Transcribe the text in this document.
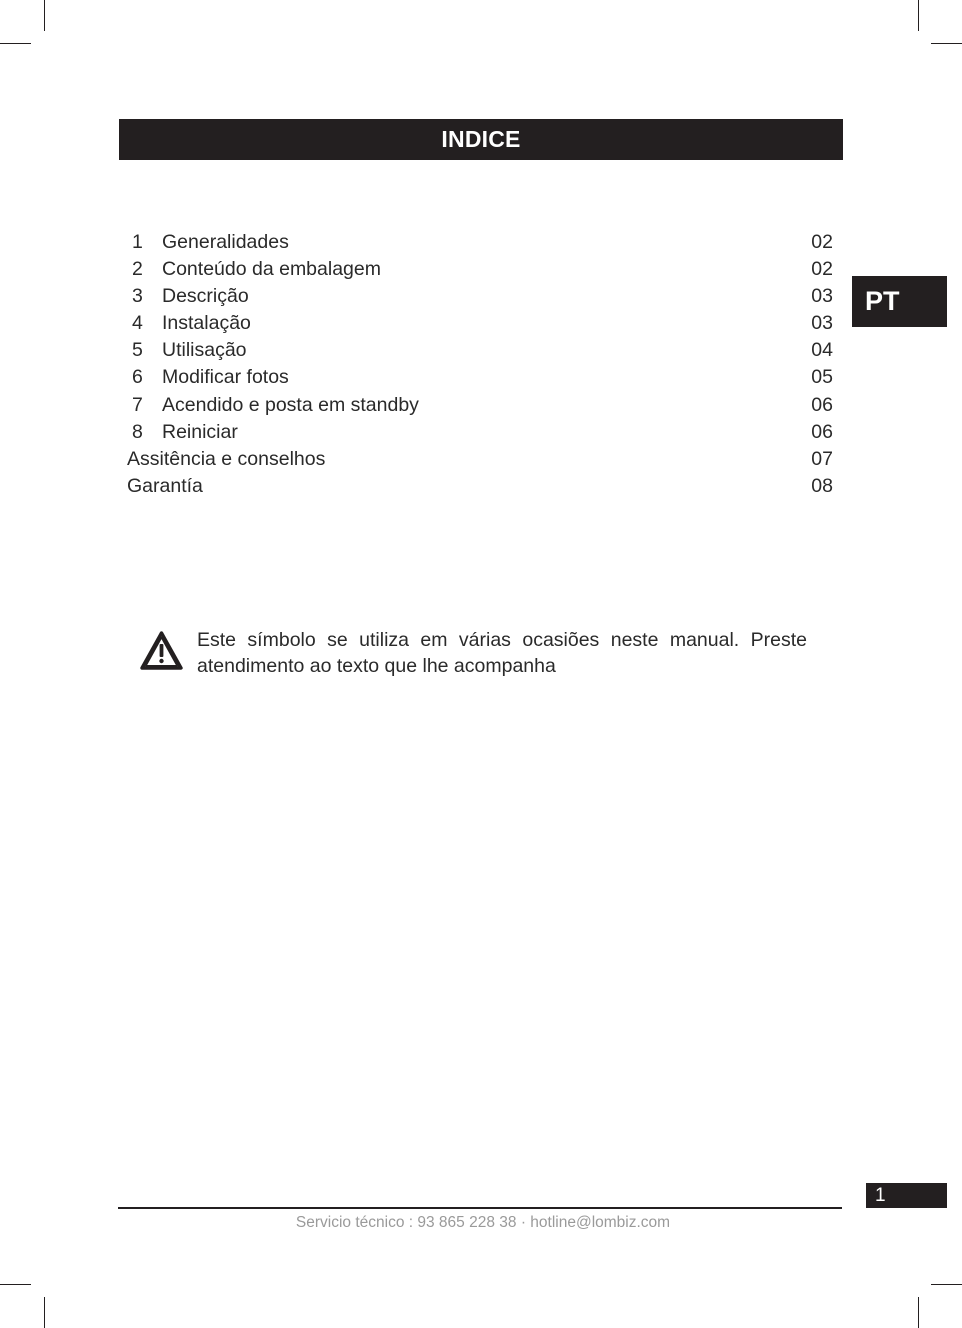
INDICE
PT
1 Generalidades	02
2 Conteúdo da embalagem	02
3 Descrição	03
4 Instalação	03
5 Utilisação	04
6 Modificar fotos	05
7 Acendido e posta em standby	06
8 Reiniciar	06
Assitência e conselhos	07
Garantía	08
Este símbolo se utiliza em várias ocasiões neste manual. Preste atendimento ao texto que lhe acompanha
Servicio técnico : 93 865 228 38 · hotline@lombiz.com
1
